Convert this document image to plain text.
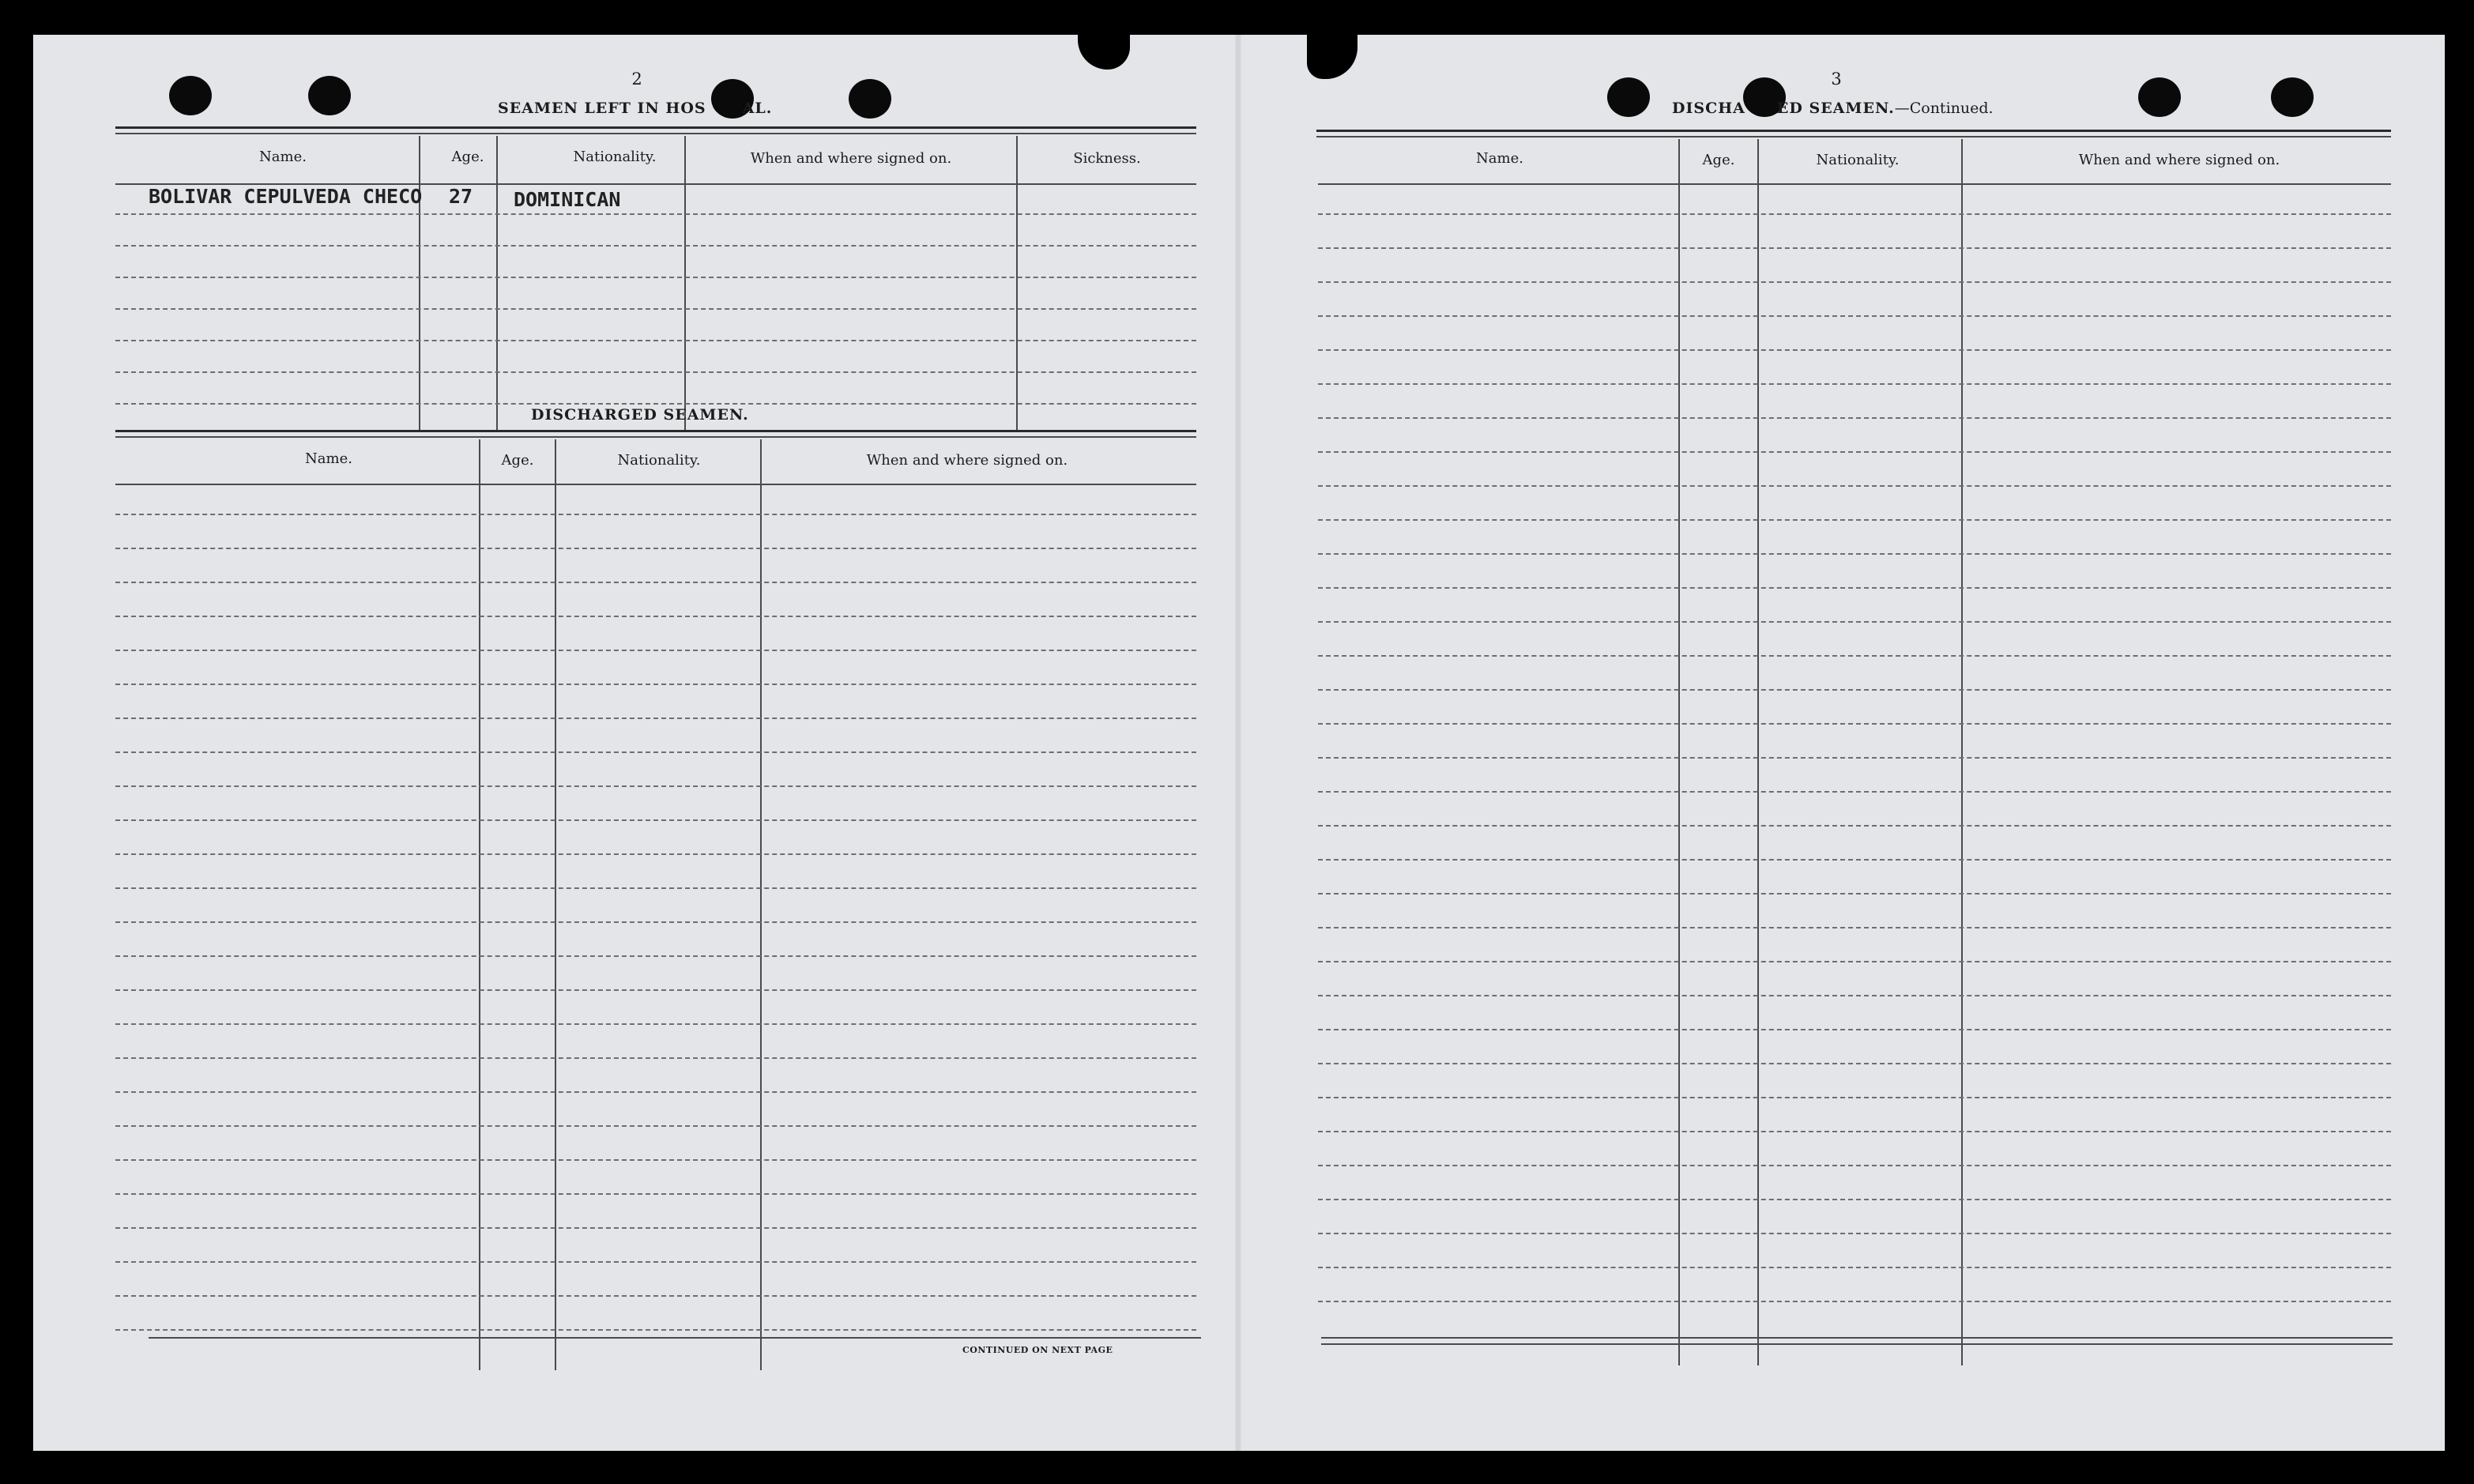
2
SEAMEN LEFT IN HOS AL.
Name.	Age.	Nationality.	When and where signed on.	Sickness.
BOLIVAR CEPULVEDA CHECO 27 DOMINICAN
DISCHARGED SEAMEN.
Name.	Age.	Nationality.	When and where signed on.
CONTINUED ON NEXT PAGE
3
DISCHA ED SEAMEN.—Continued.
Name.	Age.	Nationality.	When and where signed on.
